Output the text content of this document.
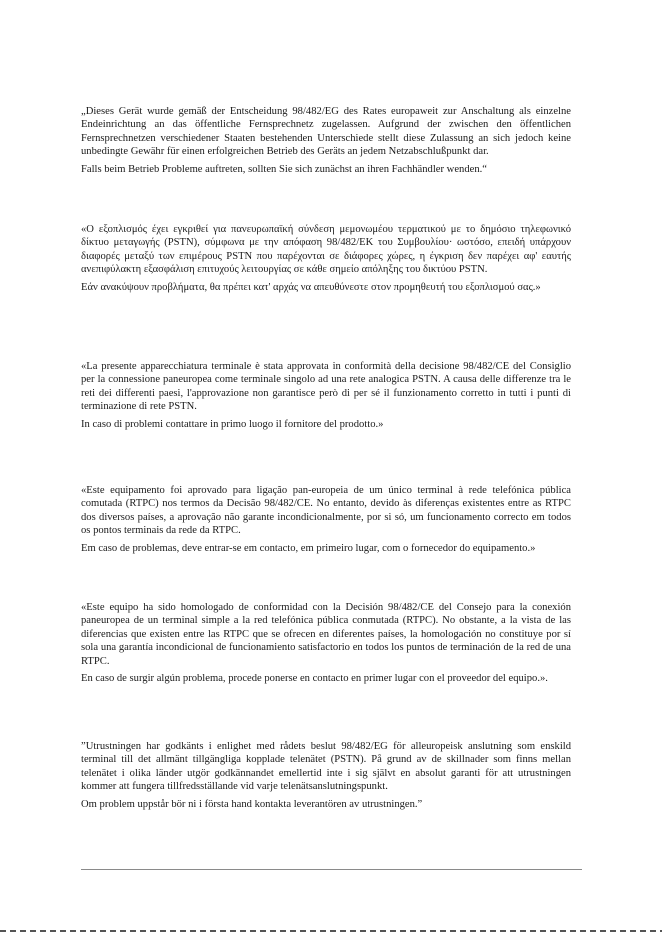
„Dieses Gerät wurde gemäß der Entscheidung 98/482/EG des Rates europaweit zur Anschaltung als einzelne Endeinrichtung an das öffentliche Fernsprechnetz zugelassen. Aufgrund der zwischen den öffentlichen Fernsprechnetzen verschiedener Staaten bestehenden Unterschiede stellt diese Zulassung an sich jedoch keine unbedingte Gewähr für einen erfolgreichen Betrieb des Geräts an jedem Netzabschlußpunkt dar.

Falls beim Betrieb Probleme auftreten, sollten Sie sich zunächst an ihren Fachhändler wenden.“

«Ο εξοπλισμός έχει εγκριθεί για πανευρωπαϊκή σύνδεση μεμονωμέου τερματικού με το δημόσιο τηλεφωνικό δίκτυο μεταγωγής (PSTN), σύμφωνα με την απόφαση 98/482/ΕΚ του Συμβουλίου· ωστόσο, επειδή υπάρχουν διαφορές μεταξύ των επιμέρους PSTN που παρέχονται σε διάφορες χώρες, η έγκριση δεν παρέχει αφ' εαυτής ανεπιφύλακτη εξασφάλιση επιτυχούς λειτουργίας σε κάθε σημείο απόληξης του δικτύου PSTN.

Εάν ανακύψουν προβλήματα, θα πρέπει κατ' αρχάς να απευθύνεστε στον προμηθευτή του εξοπλισμού σας.»

«La presente apparecchiatura terminale è stata approvata in conformità della decisione 98/482/CE del Consiglio per la connessione paneuropea come terminale singolo ad una rete analogica PSTN. A causa delle differenze tra le reti dei differenti paesi, l'approvazione non garantisce però di per sé il funzionamento corretto in tutti i punti di terminazione di rete PSTN.

In caso di problemi contattare in primo luogo il fornitore del prodotto.»

«Este equipamento foi aprovado para ligação pan-europeia de um único terminal à rede telefónica pública comutada (RTPC) nos termos da Decisão 98/482/CE. No entanto, devido às diferenças existentes entre as RTPC dos diversos países, a aprovação não garante incondicionalmente, por si só, um funcionamento correcto em todos os pontos terminais da rede da RTPC.

Em caso de problemas, deve entrar-se em contacto, em primeiro lugar, com o fornecedor do equipamento.»

«Este equipo ha sido homologado de conformidad con la Decisión 98/482/CE del Consejo para la conexión paneuropea de un terminal simple a la red telefónica pública conmutada (RTPC). No obstante, a la vista de las diferencias que existen entre las RTPC que se ofrecen en diferentes países, la homologación no constituye por sí sola una garantía incondicional de funcionamiento satisfactorio en todos los puntos de terminación de la red de una RTPC.

En caso de surgir algún problema, procede ponerse en contacto en primer lugar con el proveedor del equipo.».

”Utrustningen har godkänts i enlighet med rådets beslut 98/482/EG för alleuropeisk anslutning som enskild terminal till det allmänt tillgängliga kopplade telenätet (PSTN). På grund av de skillnader som finns mellan telenätet i olika länder utgör godkännandet emellertid inte i sig självt en absolut garanti för att utrustningen kommer att fungera tillfredsställande vid varje telenätsanslutningspunkt.

Om problem uppstår bör ni i första hand kontakta leverantören av utrustningen.”
